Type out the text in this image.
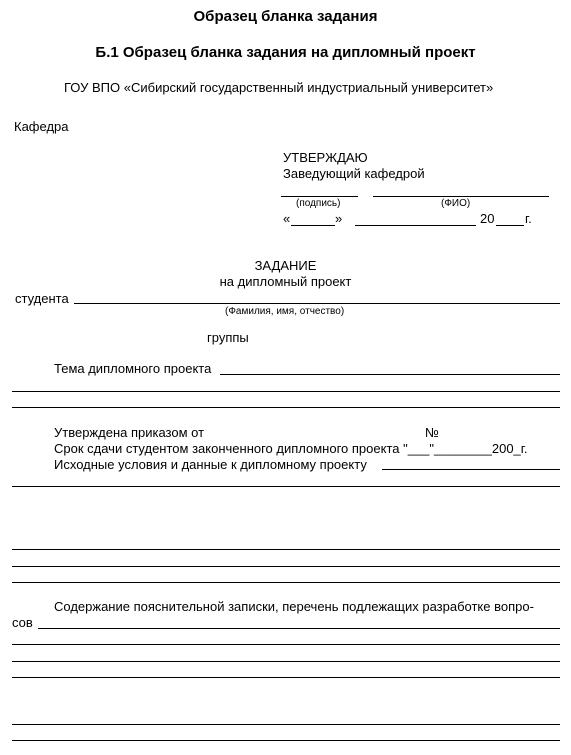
Образец бланка задания
Б.1 Образец бланка задания на дипломный проект
ГОУ ВПО «Сибирский государственный индустриальный университет»
Кафедра
УТВЕРЖДАЮ
Заведующий кафедрой
(подпись)	(ФИО)
«	»	20 г.
ЗАДАНИЕ
на дипломный проект
студента
(Фамилия, имя, отчество)
группы
Тема дипломного проекта
Утверждена приказом от	№
Срок сдачи студентом законченного дипломного проекта "___"________200_г.
Исходные условия и данные к дипломному проекту
Содержание пояснительной записки, перечень подлежащих разработке вопро-
сов
